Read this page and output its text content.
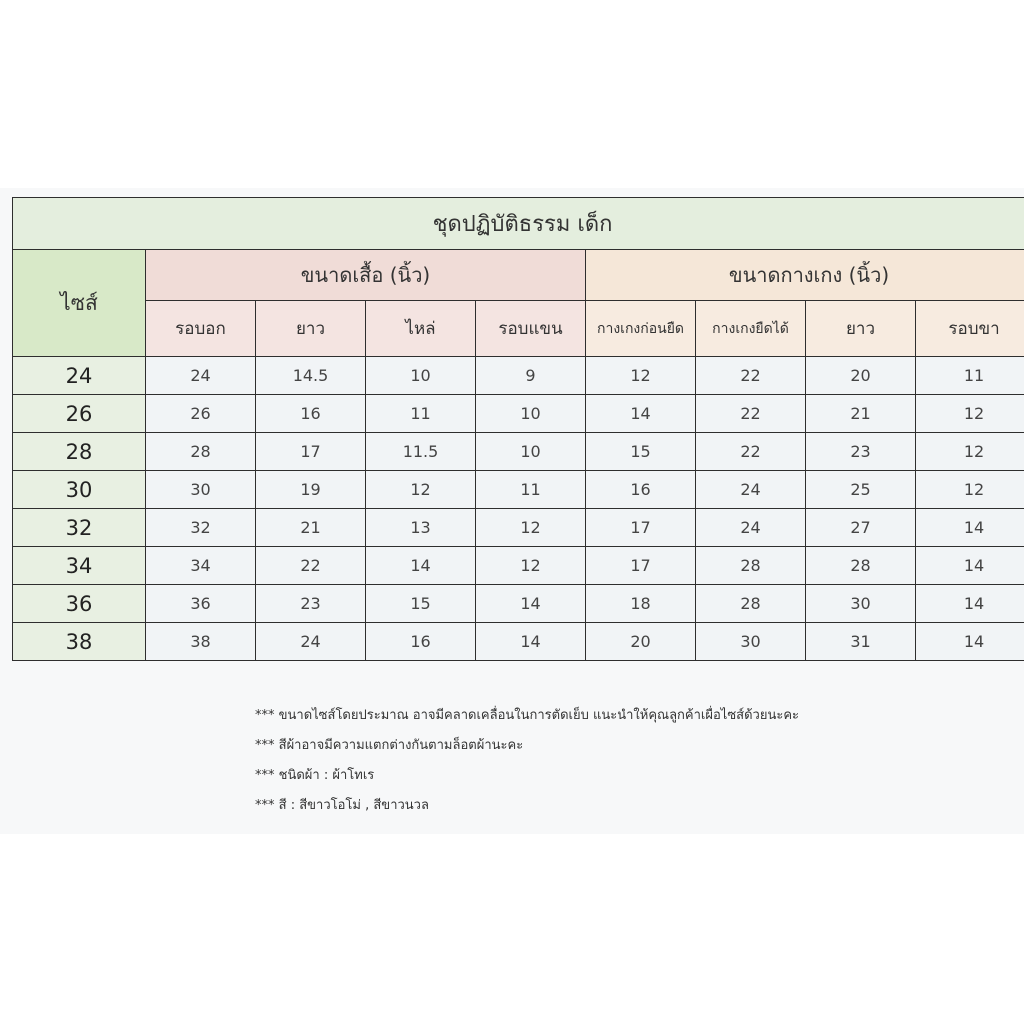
ชุดปฏิบัติธรรม เด็ก								
ไซส์	ขนาดเสื้อ (นิ้ว)				ขนาดกางเกง (นิ้ว)			
	รอบอก	ยาว	ไหล่	รอบแขน	กางเกงก่อนยืด	กางเกงยืดได้	ยาว	รอบขา
24	24	14.5	10	9	12	22	20	11
26	26	16	11	10	14	22	21	12
28	28	17	11.5	10	15	22	23	12
30	30	19	12	11	16	24	25	12
32	32	21	13	12	17	24	27	14
34	34	22	14	12	17	28	28	14
36	36	23	15	14	18	28	30	14
38	38	24	16	14	20	30	31	14
*** ขนาดไซส์โดยประมาณ อาจมีคลาดเคลื่อนในการตัดเย็บ แนะนำให้คุณลูกค้าเผื่อไซส์ด้วยนะคะ
*** สีผ้าอาจมีความแตกต่างกันตามล็อตผ้านะคะ
*** ชนิดผ้า : ผ้าโทเร
*** สี : สีขาวโอโม่ , สีขาวนวล
